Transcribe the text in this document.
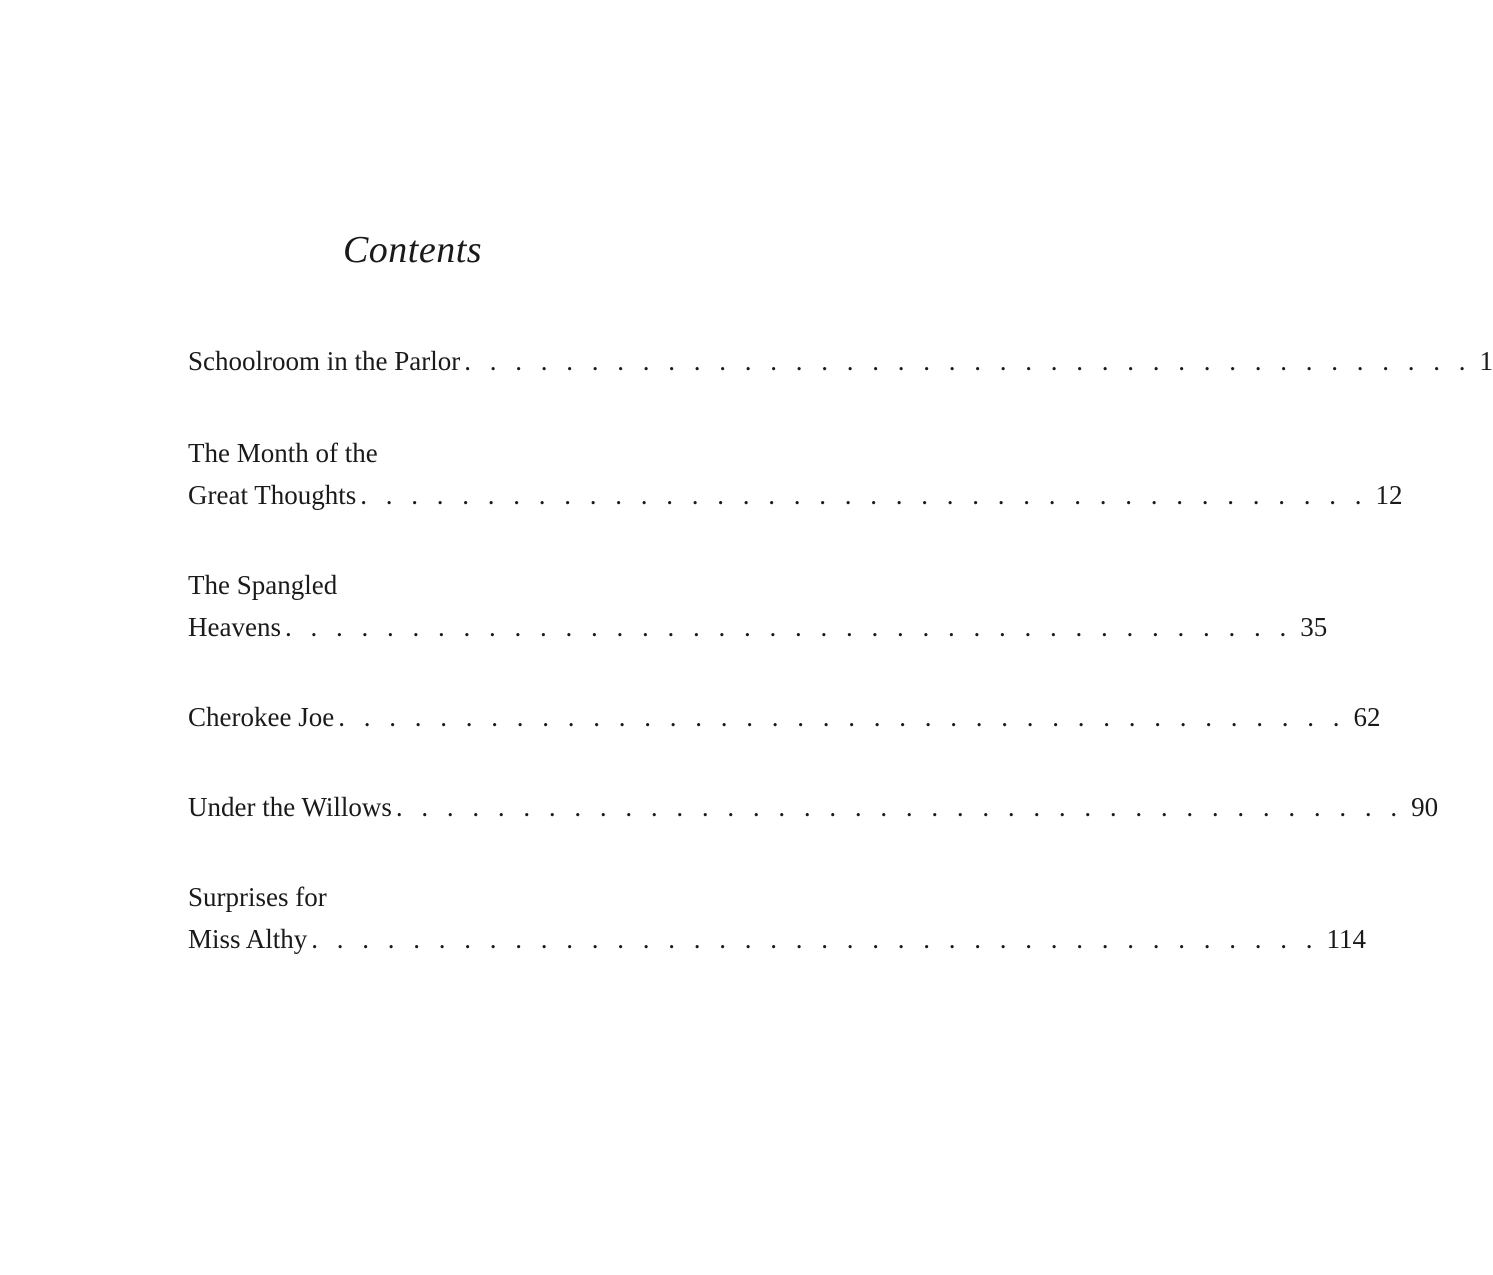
Contents
Schoolroom in the Parlor . . . . . . . . . . . . . . . . . . . . . . . . . . . . . . . . . . . . . . . . 1
The Month of the
Great Thoughts . . . . . . . . . . . . . . . . . . . . . . . . . . . . . . . . . . . . . . . . 12
The Spangled
Heavens . . . . . . . . . . . . . . . . . . . . . . . . . . . . . . . . . . . . . . . . 35
Cherokee Joe . . . . . . . . . . . . . . . . . . . . . . . . . . . . . . . . . . . . . . . . 62
Under the Willows . . . . . . . . . . . . . . . . . . . . . . . . . . . . . . . . . . . . . . . . 90
Surprises for
Miss Althy . . . . . . . . . . . . . . . . . . . . . . . . . . . . . . . . . . . . . . . . 114
